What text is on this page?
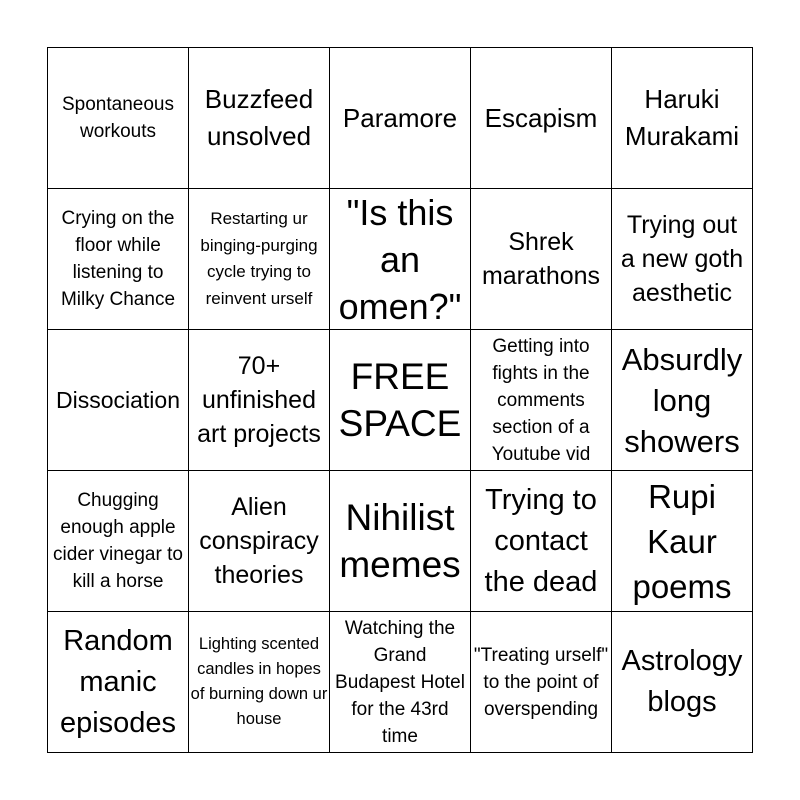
Spontaneous workouts
Buzzfeed unsolved
Paramore Escapism
Haruki Murakami
Crying on the floor while listening to Milky Chance
Restarting ur binging-purging cycle trying to reinvent urself
"Is this an omen?"
Shrek marathons
Trying out a new goth aesthetic
Dissociation
70+ unfinished art projects
FREE SPACE
Getting into fights in the comments section of a Youtube vid
Absurdly long showers
Chugging enough apple cider vinegar to kill a horse
Alien conspiracy theories
Nihilist memes
Trying to contact the dead
Rupi Kaur poems
Random manic episodes
Lighting scented candles in hopes of burning down ur house
Watching the Grand Budapest Hotel for the 43rd time
"Treating urself" to the point of overspending
Astrology blogs
